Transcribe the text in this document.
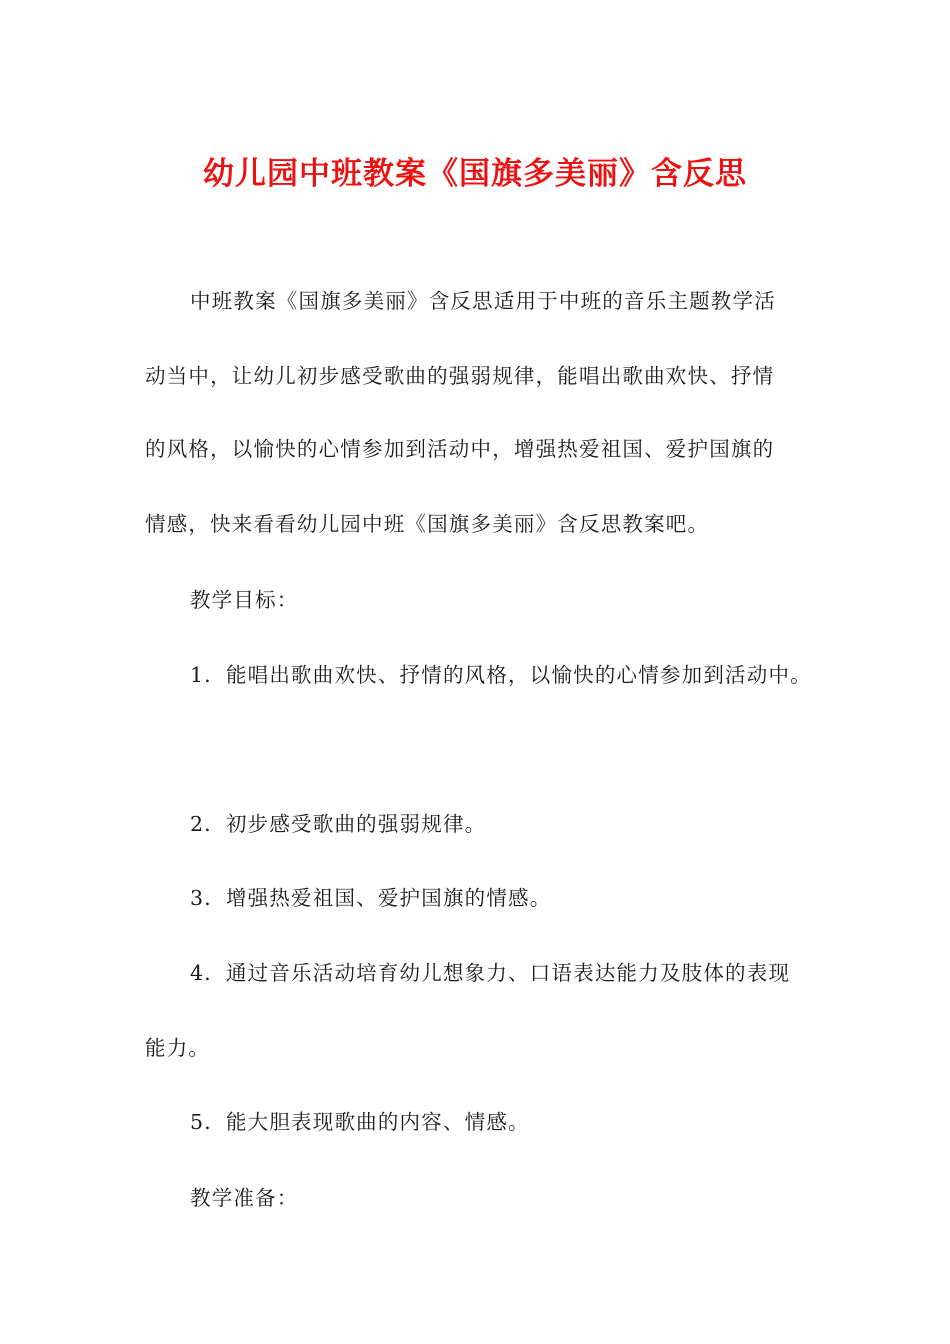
幼儿园中班教案《国旗多美丽》含反思

中班教案《国旗多美丽》含反思适用于中班的音乐主题教学活

动当中，让幼儿初步感受歌曲的强弱规律，能唱出歌曲欢快、抒情

的风格，以愉快的心情参加到活动中，增强热爱祖国、爱护国旗的

情感，快来看看幼儿园中班《国旗多美丽》含反思教案吧。

教学目标：

1．能唱出歌曲欢快、抒情的风格，以愉快的心情参加到活动中。

2．初步感受歌曲的强弱规律。

3．增强热爱祖国、爱护国旗的情感。

4．通过音乐活动培育幼儿想象力、口语表达能力及肢体的表现

能力。

5．能大胆表现歌曲的内容、情感。

教学准备：
